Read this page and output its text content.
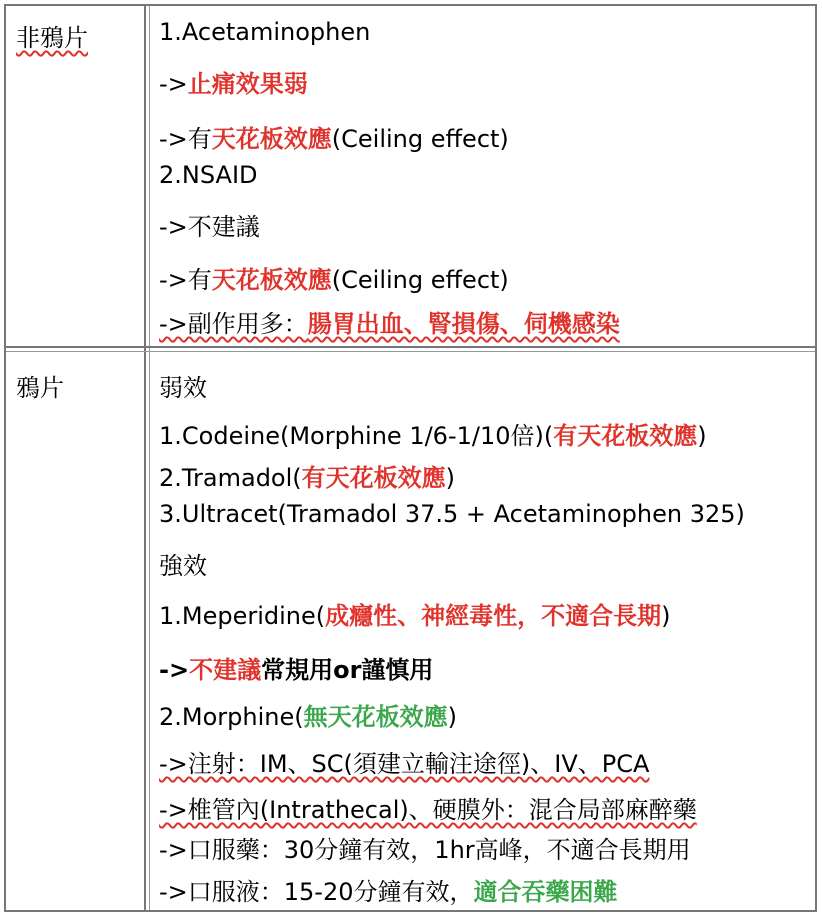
非鴉片	1.Acetaminophen
->止痛效果弱
->有天花板效應(Ceiling effect)
2.NSAID
->不建議
->有天花板效應(Ceiling effect)
->副作用多：腸胃出血、腎損傷、伺機感染
鴉片	弱效
1.Codeine(Morphine 1/6-1/10倍)(有天花板效應)
2.Tramadol(有天花板效應)
3.Ultracet(Tramadol 37.5 + Acetaminophen 325)
強效
1.Meperidine(成癮性、神經毒性，不適合長期)
->不建議常規用or謹慎用
2.Morphine(無天花板效應)
->注射：IM、SC(須建立輸注途徑)、IV、PCA
->椎管內(Intrathecal)、硬膜外：混合局部麻醉藥
->口服藥：30分鐘有效，1hr高峰，不適合長期用
->口服液：15-20分鐘有效，適合吞藥困難
